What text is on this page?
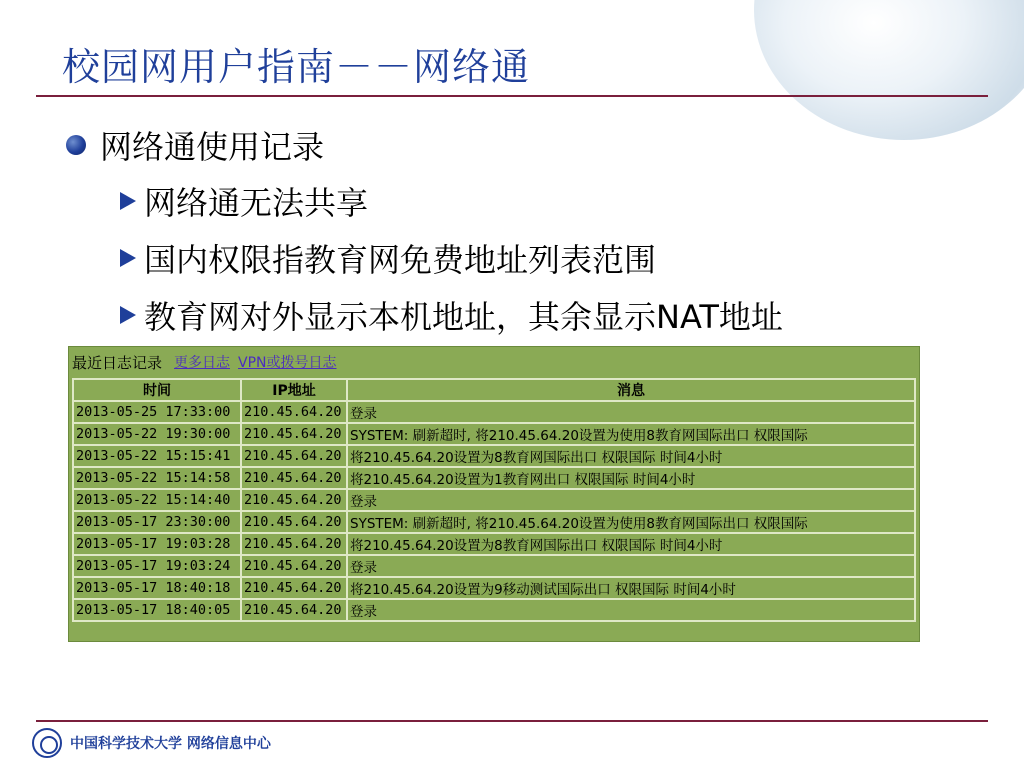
校园网用户指南－－网络通
网络通使用记录
网络通无法共享
国内权限指教育网免费地址列表范围
教育网对外显示本机地址，其余显示NAT地址
最近日志记录 更多日志 VPN或拨号日志
时间	IP地址	消息
2013-05-25 17:33:00	210.45.64.20	登录
2013-05-22 19:30:00	210.45.64.20	SYSTEM: 刷新超时, 将210.45.64.20设置为使用8教育网国际出口 权限国际
2013-05-22 15:15:41	210.45.64.20	将210.45.64.20设置为8教育网国际出口 权限国际 时间4小时
2013-05-22 15:14:58	210.45.64.20	将210.45.64.20设置为1教育网出口 权限国际 时间4小时
2013-05-22 15:14:40	210.45.64.20	登录
2013-05-17 23:30:00	210.45.64.20	SYSTEM: 刷新超时, 将210.45.64.20设置为使用8教育网国际出口 权限国际
2013-05-17 19:03:28	210.45.64.20	将210.45.64.20设置为8教育网国际出口 权限国际 时间4小时
2013-05-17 19:03:24	210.45.64.20	登录
2013-05-17 18:40:18	210.45.64.20	将210.45.64.20设置为9移动测试国际出口 权限国际 时间4小时
2013-05-17 18:40:05	210.45.64.20	登录
中国科学技术大学 网络信息中心
